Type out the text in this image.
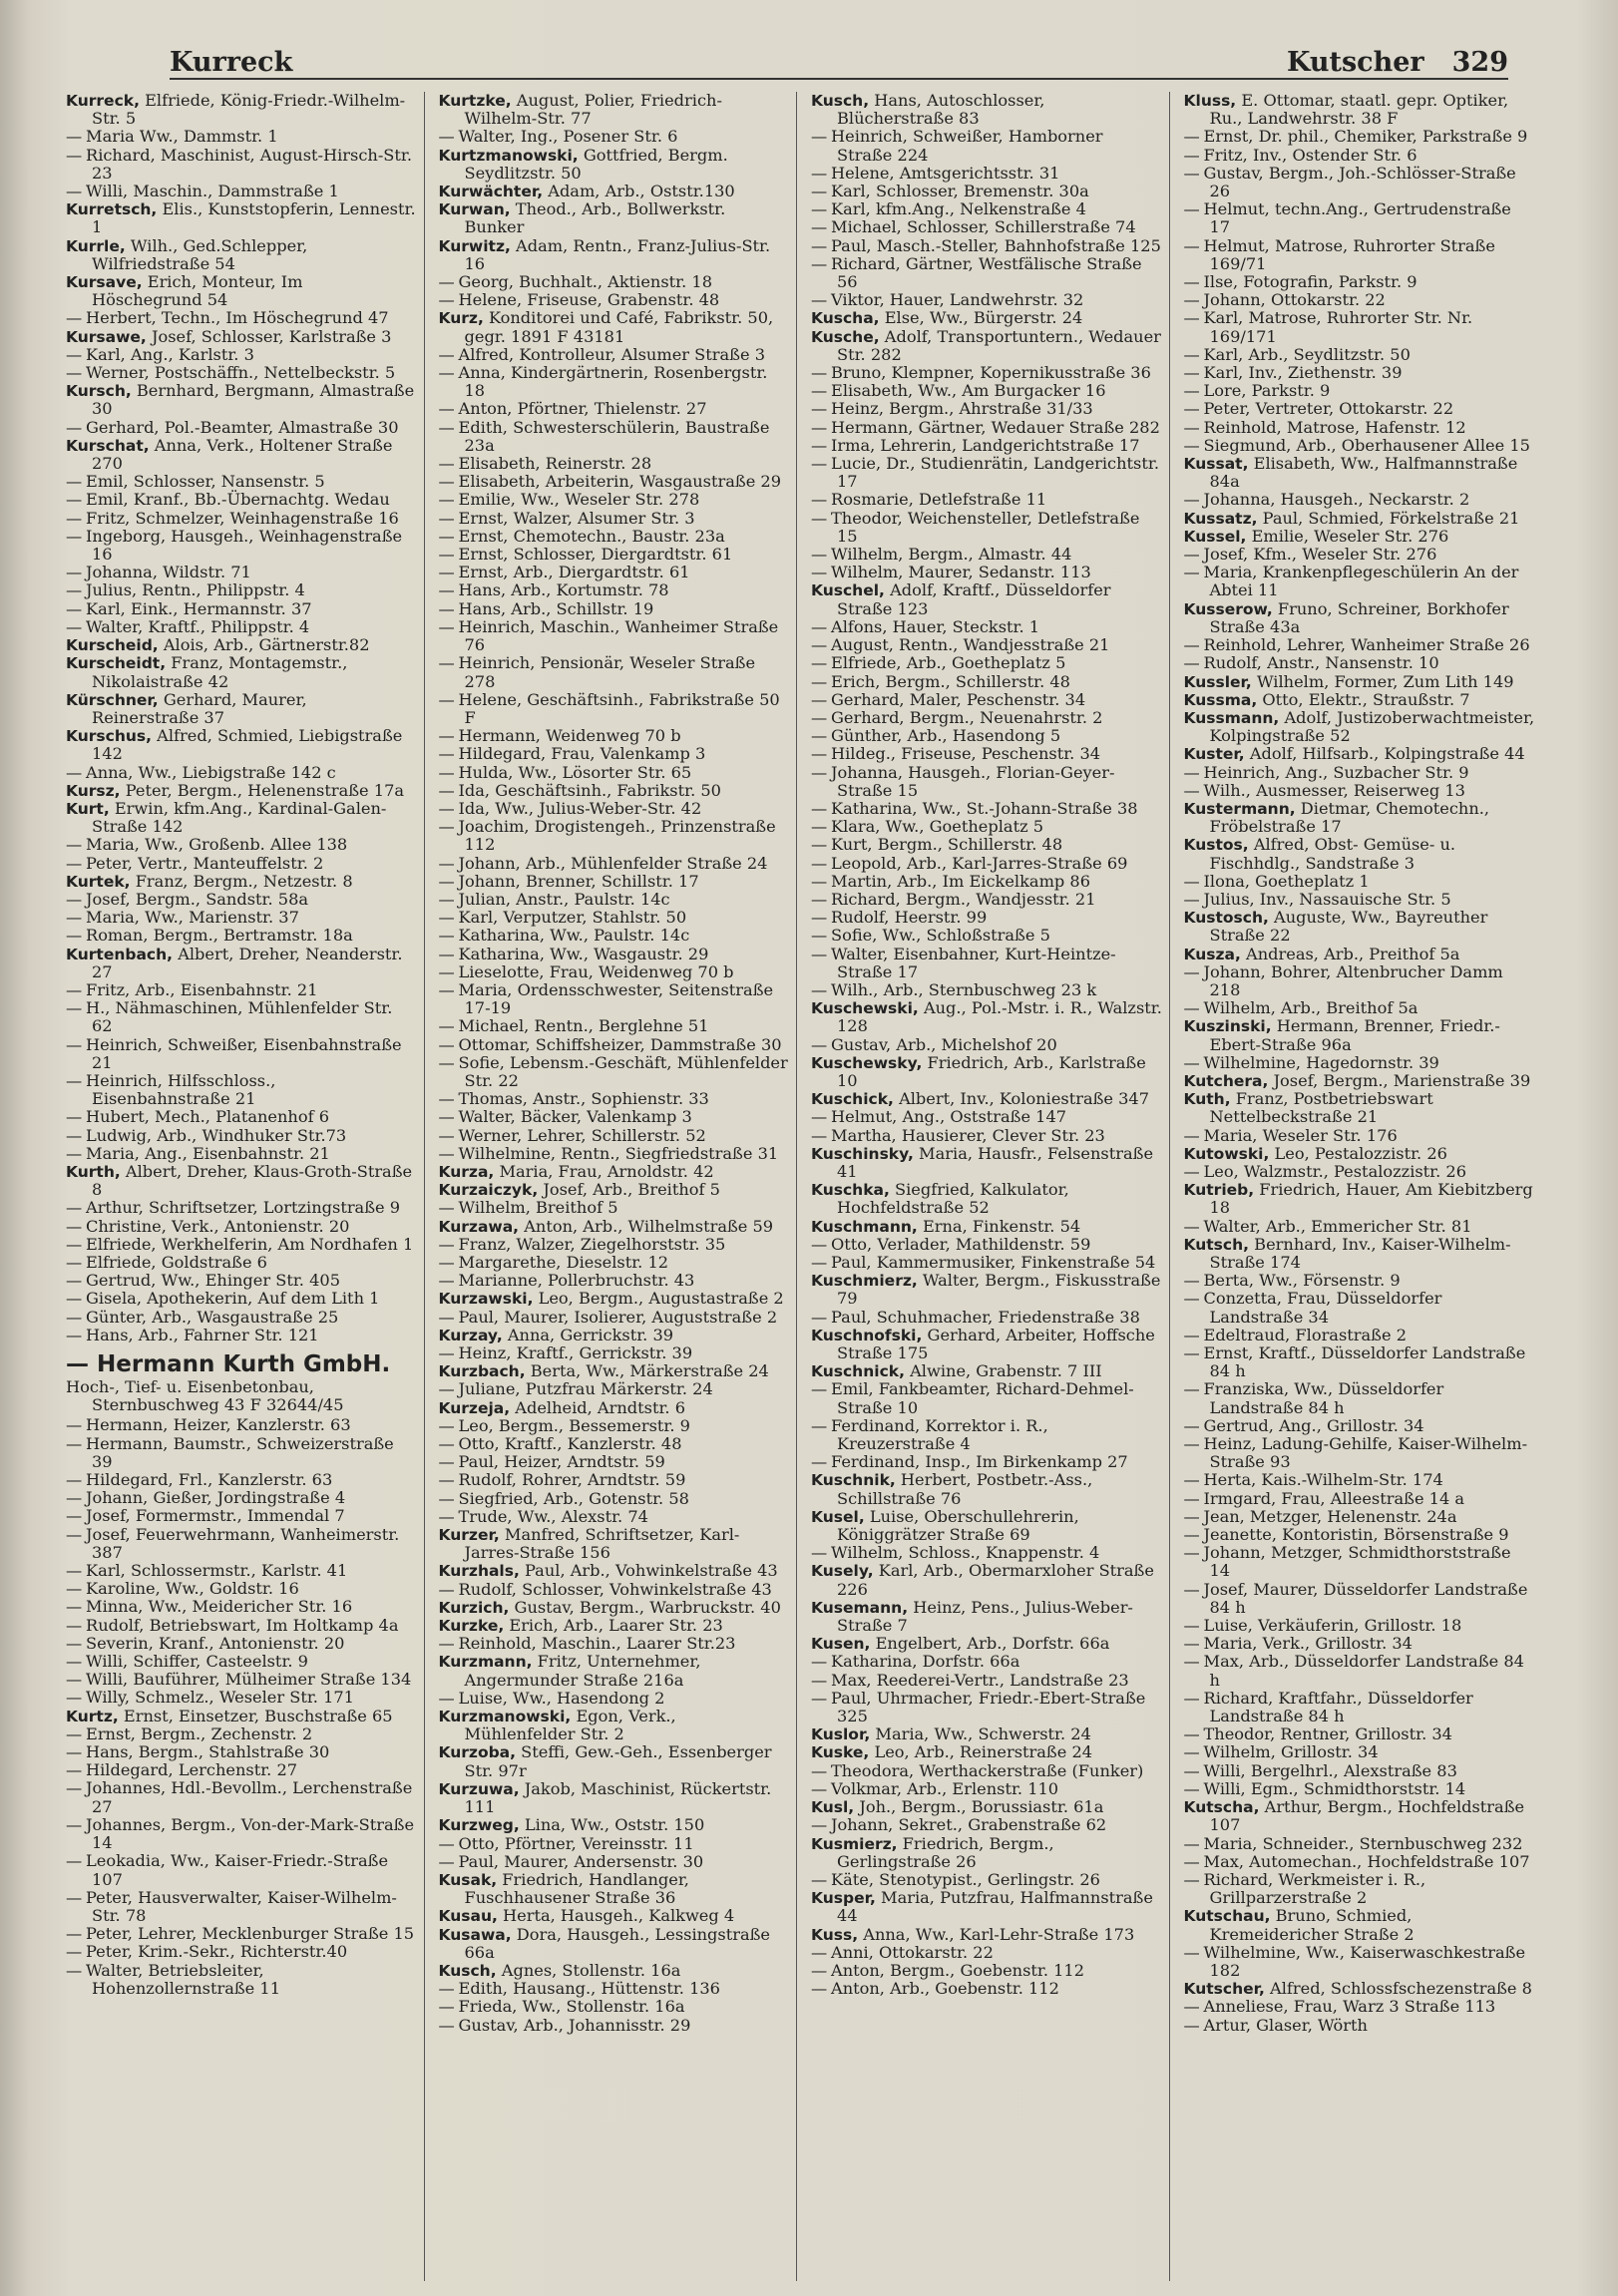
Kurreck	Kutscher 329

Kurreck, Elfriede, König-Friedr.-Wilhelm-Str. 5

— Maria Ww., Dammstr. 1

— Richard, Maschinist, August-Hirsch-Str. 23

— Willi, Maschin., Dammstraße 1

Kurretsch, Elis., Kunststopferin, Lennestr. 1

Kurrle, Wilh., Ged.Schlepper, Wilfriedstraße 54

Kursave, Erich, Monteur, Im Höschegrund 54

— Herbert, Techn., Im Höschegrund 47

Kursawe, Josef, Schlosser, Karlstraße 3

— Karl, Ang., Karlstr. 3

— Werner, Postschäffn., Nettelbeckstr. 5

Kursch, Bernhard, Bergmann, Almastraße 30

— Gerhard, Pol.-Beamter, Almastraße 30

Kurschat, Anna, Verk., Holtener Straße 270

— Emil, Schlosser, Nansenstr. 5

— Emil, Kranf., Bb.-Übernachtg. Wedau

— Fritz, Schmelzer, Weinhagenstraße 16

— Ingeborg, Hausgeh., Weinhagenstraße 16

— Johanna, Wildstr. 71

— Julius, Rentn., Philippstr. 4

— Karl, Eink., Hermannstr. 37

— Walter, Kraftf., Philippstr. 4

Kurscheid, Alois, Arb., Gärtnerstr.82

Kurscheidt, Franz, Montagemstr., Nikolaistraße 42

Kürschner, Gerhard, Maurer, Reinerstraße 37

Kurschus, Alfred, Schmied, Liebigstraße 142

— Anna, Ww., Liebigstraße 142 c

Kursz, Peter, Bergm., Helenenstraße 17a

Kurt, Erwin, kfm.Ang., Kardinal-Galen-Straße 142

— Maria, Ww., Großenb. Allee 138

— Peter, Vertr., Manteuffelstr. 2

Kurtek, Franz, Bergm., Netzestr. 8

— Josef, Bergm., Sandstr. 58a

— Maria, Ww., Marienstr. 37

— Roman, Bergm., Bertramstr. 18a

Kurtenbach, Albert, Dreher, Neanderstr. 27

— Fritz, Arb., Eisenbahnstr. 21

— H., Nähmaschinen, Mühlenfelder Str. 62

— Heinrich, Schweißer, Eisenbahnstraße 21

— Heinrich, Hilfsschloss., Eisenbahnstraße 21

— Hubert, Mech., Platanenhof 6

— Ludwig, Arb., Windhuker Str.73

— Maria, Ang., Eisenbahnstr. 21

Kurth, Albert, Dreher, Klaus-Groth-Straße 8

— Arthur, Schriftsetzer, Lortzingstraße 9

— Christine, Verk., Antonienstr. 20

— Elfriede, Werkhelferin, Am Nordhafen 1

— Elfriede, Goldstraße 6

— Gertrud, Ww., Ehinger Str. 405

— Gisela, Apothekerin, Auf dem Lith 1

— Günter, Arb., Wasgaustraße 25

— Hans, Arb., Fahrner Str. 121

— Hermann Kurth GmbH.

Hoch-, Tief- u. Eisenbetonbau, Sternbuschweg 43 F 32644/45

— Hermann, Heizer, Kanzlerstr. 63

— Hermann, Baumstr., Schweizerstraße 39

— Hildegard, Frl., Kanzlerstr. 63

— Johann, Gießer, Jordingstraße 4

— Josef, Formermstr., Immendal 7

— Josef, Feuerwehrmann, Wanheimerstr. 387

— Karl, Schlossermstr., Karlstr. 41

— Karoline, Ww., Goldstr. 16

— Minna, Ww., Meidericher Str. 16

— Rudolf, Betriebswart, Im Holtkamp 4a

— Severin, Kranf., Antonienstr. 20

— Willi, Schiffer, Casteelstr. 9

— Willi, Bauführer, Mülheimer Straße 134

— Willy, Schmelz., Weseler Str. 171

Kurtz, Ernst, Einsetzer, Buschstraße 65

— Ernst, Bergm., Zechenstr. 2

— Hans, Bergm., Stahlstraße 30

— Hildegard, Lerchenstr. 27

— Johannes, Hdl.-Bevollm., Lerchenstraße 27

— Johannes, Bergm., Von-der-Mark-Straße 14

— Leokadia, Ww., Kaiser-Friedr.-Straße 107

— Peter, Hausverwalter, Kaiser-Wilhelm-Str. 78

— Peter, Lehrer, Mecklenburger Straße 15

— Peter, Krim.-Sekr., Richterstr.40

— Walter, Betriebsleiter, Hohenzollernstraße 11

Kurtzke, August, Polier, Friedrich-Wilhelm-Str. 77

— Walter, Ing., Posener Str. 6

Kurtzmanowski, Gottfried, Bergm. Seydlitzstr. 50

Kurwächter, Adam, Arb., Oststr.130

Kurwan, Theod., Arb., Bollwerkstr. Bunker

Kurwitz, Adam, Rentn., Franz-Julius-Str. 16

— Georg, Buchhalt., Aktienstr. 18

— Helene, Friseuse, Grabenstr. 48

Kurz, Konditorei und Café, Fabrikstr. 50, gegr. 1891 F 43181

— Alfred, Kontrolleur, Alsumer Straße 3

— Anna, Kindergärtnerin, Rosenbergstr. 18

— Anton, Pförtner, Thielenstr. 27

— Edith, Schwesterschülerin, Baustraße 23a

— Elisabeth, Reinerstr. 28

— Elisabeth, Arbeiterin, Wasgaustraße 29

— Emilie, Ww., Weseler Str. 278

— Ernst, Walzer, Alsumer Str. 3

— Ernst, Chemotechn., Baustr. 23a

— Ernst, Schlosser, Diergardtstr. 61

— Ernst, Arb., Diergardtstr. 61

— Hans, Arb., Kortumstr. 78

— Hans, Arb., Schillstr. 19

— Heinrich, Maschin., Wanheimer Straße 76

— Heinrich, Pensionär, Weseler Straße 278

— Helene, Geschäftsinh., Fabrikstraße 50 F

— Hermann, Weidenweg 70 b

— Hildegard, Frau, Valenkamp 3

— Hulda, Ww., Lösorter Str. 65

— Ida, Geschäftsinh., Fabrikstr. 50

— Ida, Ww., Julius-Weber-Str. 42

— Joachim, Drogistengeh., Prinzenstraße 112

— Johann, Arb., Mühlenfelder Straße 24

— Johann, Brenner, Schillstr. 17

— Julian, Anstr., Paulstr. 14c

— Karl, Verputzer, Stahlstr. 50

— Katharina, Ww., Paulstr. 14c

— Katharina, Ww., Wasgaustr. 29

— Lieselotte, Frau, Weidenweg 70 b

— Maria, Ordensschwester, Seitenstraße 17-19

— Michael, Rentn., Berglehne 51

— Ottomar, Schiffsheizer, Dammstraße 30

— Sofie, Lebensm.-Geschäft, Mühlenfelder Str. 22

— Thomas, Anstr., Sophienstr. 33

— Walter, Bäcker, Valenkamp 3

— Werner, Lehrer, Schillerstr. 52

— Wilhelmine, Rentn., Siegfriedstraße 31

Kurza, Maria, Frau, Arnoldstr. 42

Kurzaiczyk, Josef, Arb., Breithof 5

— Wilhelm, Breithof 5

Kurzawa, Anton, Arb., Wilhelmstraße 59

— Franz, Walzer, Ziegelhorststr. 35

— Margarethe, Dieselstr. 12

— Marianne, Pollerbruchstr. 43

Kurzawski, Leo, Bergm., Augustastraße 2

— Paul, Maurer, Isolierer, Auguststraße 2

Kurzay, Anna, Gerrickstr. 39

— Heinz, Kraftf., Gerrickstr. 39

Kurzbach, Berta, Ww., Märkerstraße 24

— Juliane, Putzfrau Märkerstr. 24

Kurzeja, Adelheid, Arndtstr. 6

— Leo, Bergm., Bessemerstr. 9

— Otto, Kraftf., Kanzlerstr. 48

— Paul, Heizer, Arndtstr. 59

— Rudolf, Rohrer, Arndtstr. 59

— Siegfried, Arb., Gotenstr. 58

— Trude, Ww., Alexstr. 74

Kurzer, Manfred, Schriftsetzer, Karl-Jarres-Straße 156

Kurzhals, Paul, Arb., Vohwinkelstraße 43

— Rudolf, Schlosser, Vohwinkelstraße 43

Kurzich, Gustav, Bergm., Warbruckstr. 40

Kurzke, Erich, Arb., Laarer Str. 23

— Reinhold, Maschin., Laarer Str.23

Kurzmann, Fritz, Unternehmer, Angermunder Straße 216a

— Luise, Ww., Hasendong 2

Kurzmanowski, Egon, Verk., Mühlenfelder Str. 2

Kurzoba, Steffi, Gew.-Geh., Essenberger Str. 97r

Kurzuwa, Jakob, Maschinist, Rückertstr. 111

Kurzweg, Lina, Ww., Oststr. 150

— Otto, Pförtner, Vereinsstr. 11

— Paul, Maurer, Andersenstr. 30

Kusak, Friedrich, Handlanger, Fuschhausener Straße 36

Kusau, Herta, Hausgeh., Kalkweg 4

Kusawa, Dora, Hausgeh., Lessingstraße 66a

Kusch, Agnes, Stollenstr. 16a

— Edith, Hausang., Hüttenstr. 136

— Frieda, Ww., Stollenstr. 16a

— Gustav, Arb., Johannisstr. 29

Kusch, Hans, Autoschlosser, Blücherstraße 83

— Heinrich, Schweißer, Hamborner Straße 224

— Helene, Amtsgerichtsstr. 31

— Karl, Schlosser, Bremenstr. 30a

— Karl, kfm.Ang., Nelkenstraße 4

— Michael, Schlosser, Schillerstraße 74

— Paul, Masch.-Steller, Bahnhofstraße 125

— Richard, Gärtner, Westfälische Straße 56

— Viktor, Hauer, Landwehrstr. 32

Kuscha, Else, Ww., Bürgerstr. 24

Kusche, Adolf, Transportuntern., Wedauer Str. 282

— Bruno, Klempner, Kopernikusstraße 36

— Elisabeth, Ww., Am Burgacker 16

— Heinz, Bergm., Ahrstraße 31/33

— Hermann, Gärtner, Wedauer Straße 282

— Irma, Lehrerin, Landgerichtstraße 17

— Lucie, Dr., Studienrätin, Landgerichtstr. 17

— Rosmarie, Detlefstraße 11

— Theodor, Weichensteller, Detlefstraße 15

— Wilhelm, Bergm., Almastr. 44

— Wilhelm, Maurer, Sedanstr. 113

Kuschel, Adolf, Kraftf., Düsseldorfer Straße 123

— Alfons, Hauer, Steckstr. 1

— August, Rentn., Wandjesstraße 21

— Elfriede, Arb., Goetheplatz 5

— Erich, Bergm., Schillerstr. 48

— Gerhard, Maler, Peschenstr. 34

— Gerhard, Bergm., Neuenahrstr. 2

— Günther, Arb., Hasendong 5

— Hildeg., Friseuse, Peschenstr. 34

— Johanna, Hausgeh., Florian-Geyer-Straße 15

— Katharina, Ww., St.-Johann-Straße 38

— Klara, Ww., Goetheplatz 5

— Kurt, Bergm., Schillerstr. 48

— Leopold, Arb., Karl-Jarres-Straße 69

— Martin, Arb., Im Eickelkamp 86

— Richard, Bergm., Wandjesstr. 21

— Rudolf, Heerstr. 99

— Sofie, Ww., Schloßstraße 5

— Walter, Eisenbahner, Kurt-Heintze-Straße 17

— Wilh., Arb., Sternbuschweg 23 k

Kuschewski, Aug., Pol.-Mstr. i. R., Walzstr. 128

— Gustav, Arb., Michelshof 20

Kuschewsky, Friedrich, Arb., Karlstraße 10

Kuschick, Albert, Inv., Koloniestraße 347

— Helmut, Ang., Oststraße 147

— Martha, Hausierer, Clever Str. 23

Kuschinsky, Maria, Hausfr., Felsenstraße 41

Kuschka, Siegfried, Kalkulator, Hochfeldstraße 52

Kuschmann, Erna, Finkenstr. 54

— Otto, Verlader, Mathildenstr. 59

— Paul, Kammermusiker, Finkenstraße 54

Kuschmierz, Walter, Bergm., Fiskusstraße 79

— Paul, Schuhmacher, Friedenstraße 38

Kuschnofski, Gerhard, Arbeiter, Hoffsche Straße 175

Kuschnick, Alwine, Grabenstr. 7 III

— Emil, Fankbeamter, Richard-Dehmel-Straße 10

— Ferdinand, Korrektor i. R., Kreuzerstraße 4

— Ferdinand, Insp., Im Birkenkamp 27

Kuschnik, Herbert, Postbetr.-Ass., Schillstraße 76

Kusel, Luise, Oberschullehrerin, Königgrätzer Straße 69

— Wilhelm, Schloss., Knappenstr. 4

Kusely, Karl, Arb., Obermarxloher Straße 226

Kusemann, Heinz, Pens., Julius-Weber-Straße 7

Kusen, Engelbert, Arb., Dorfstr. 66a

— Katharina, Dorfstr. 66a

— Max, Reederei-Vertr., Landstraße 23

— Paul, Uhrmacher, Friedr.-Ebert-Straße 325

Kuslor, Maria, Ww., Schwerstr. 24

Kuske, Leo, Arb., Reinerstraße 24

— Theodora, Werthackerstraße (Funker)

— Volkmar, Arb., Erlenstr. 110

Kusl, Joh., Bergm., Borussiastr. 61a

— Johann, Sekret., Grabenstraße 62

Kusmierz, Friedrich, Bergm., Gerlingstraße 26

— Käte, Stenotypist., Gerlingstr. 26

Kusper, Maria, Putzfrau, Halfmannstraße 44

Kuss, Anna, Ww., Karl-Lehr-Straße 173

— Anni, Ottokarstr. 22

— Anton, Bergm., Goebenstr. 112

— Anton, Arb., Goebenstr. 112

Kluss, E. Ottomar, staatl. gepr. Optiker, Ru., Landwehrstr. 38 F

— Ernst, Dr. phil., Chemiker, Parkstraße 9

— Fritz, Inv., Ostender Str. 6

— Gustav, Bergm., Joh.-Schlösser-Straße 26

— Helmut, techn.Ang., Gertrudenstraße 17

— Helmut, Matrose, Ruhrorter Straße 169/71

— Ilse, Fotografin, Parkstr. 9

— Johann, Ottokarstr. 22

— Karl, Matrose, Ruhrorter Str. Nr. 169/171

— Karl, Arb., Seydlitzstr. 50

— Karl, Inv., Ziethenstr. 39

— Lore, Parkstr. 9

— Peter, Vertreter, Ottokarstr. 22

— Reinhold, Matrose, Hafenstr. 12

— Siegmund, Arb., Oberhausener Allee 15

Kussat, Elisabeth, Ww., Halfmannstraße 84a

— Johanna, Hausgeh., Neckarstr. 2

Kussatz, Paul, Schmied, Förkelstraße 21

Kussel, Emilie, Weseler Str. 276

— Josef, Kfm., Weseler Str. 276

— Maria, Krankenpflegeschülerin An der Abtei 11

Kusserow, Fruno, Schreiner, Borkhofer Straße 43a

— Reinhold, Lehrer, Wanheimer Straße 26

— Rudolf, Anstr., Nansenstr. 10

Kussler, Wilhelm, Former, Zum Lith 149

Kussma, Otto, Elektr., Straußstr. 7

Kussmann, Adolf, Justizoberwachtmeister, Kolpingstraße 52

Kuster, Adolf, Hilfsarb., Kolpingstraße 44

— Heinrich, Ang., Suzbacher Str. 9

— Wilh., Ausmesser, Reiserweg 13

Kustermann, Dietmar, Chemotechn., Fröbelstraße 17

Kustos, Alfred, Obst- Gemüse- u. Fischhdlg., Sandstraße 3

— Ilona, Goetheplatz 1

— Julius, Inv., Nassauische Str. 5

Kustosch, Auguste, Ww., Bayreuther Straße 22

Kusza, Andreas, Arb., Preithof 5a

— Johann, Bohrer, Altenbrucher Damm 218

— Wilhelm, Arb., Breithof 5a

Kuszinski, Hermann, Brenner, Friedr.-Ebert-Straße 96a

— Wilhelmine, Hagedornstr. 39

Kutchera, Josef, Bergm., Marienstraße 39

Kuth, Franz, Postbetriebswart Nettelbeckstraße 21

— Maria, Weseler Str. 176

Kutowski, Leo, Pestalozzistr. 26

— Leo, Walzmstr., Pestalozzistr. 26

Kutrieb, Friedrich, Hauer, Am Kiebitzberg 18

— Walter, Arb., Emmericher Str. 81

Kutsch, Bernhard, Inv., Kaiser-Wilhelm-Straße 174

— Berta, Ww., Försenstr. 9

— Conzetta, Frau, Düsseldorfer Landstraße 34

— Edeltraud, Florastraße 2

— Ernst, Kraftf., Düsseldorfer Landstraße 84 h

— Franziska, Ww., Düsseldorfer Landstraße 84 h

— Gertrud, Ang., Grillostr. 34

— Heinz, Ladung-Gehilfe, Kaiser-Wilhelm-Straße 93

— Herta, Kais.-Wilhelm-Str. 174

— Irmgard, Frau, Alleestraße 14 a

— Jean, Metzger, Helenenstr. 24a

— Jeanette, Kontoristin, Börsenstraße 9

— Johann, Metzger, Schmidthorststraße 14

— Josef, Maurer, Düsseldorfer Landstraße 84 h

— Luise, Verkäuferin, Grillostr. 18

— Maria, Verk., Grillostr. 34

— Max, Arb., Düsseldorfer Landstraße 84 h

— Richard, Kraftfahr., Düsseldorfer Landstraße 84 h

— Theodor, Rentner, Grillostr. 34

— Wilhelm, Grillostr. 34

— Willi, Bergelhrl., Alexstraße 83

— Willi, Egm., Schmidthorststr. 14

Kutscha, Arthur, Bergm., Hochfeldstraße 107

— Maria, Schneider., Sternbuschweg 232

— Max, Automechan., Hochfeldstraße 107

— Richard, Werkmeister i. R., Grillparzerstraße 2

Kutschau, Bruno, Schmied, Kremeidericher Straße 2

— Wilhelmine, Ww., Kaiserwaschkestraße 182

Kutscher, Alfred, Schlossfschezenstraße 8

— Anneliese, Frau, Warz 3 Straße 113

— Artur, Glaser, Wörth
